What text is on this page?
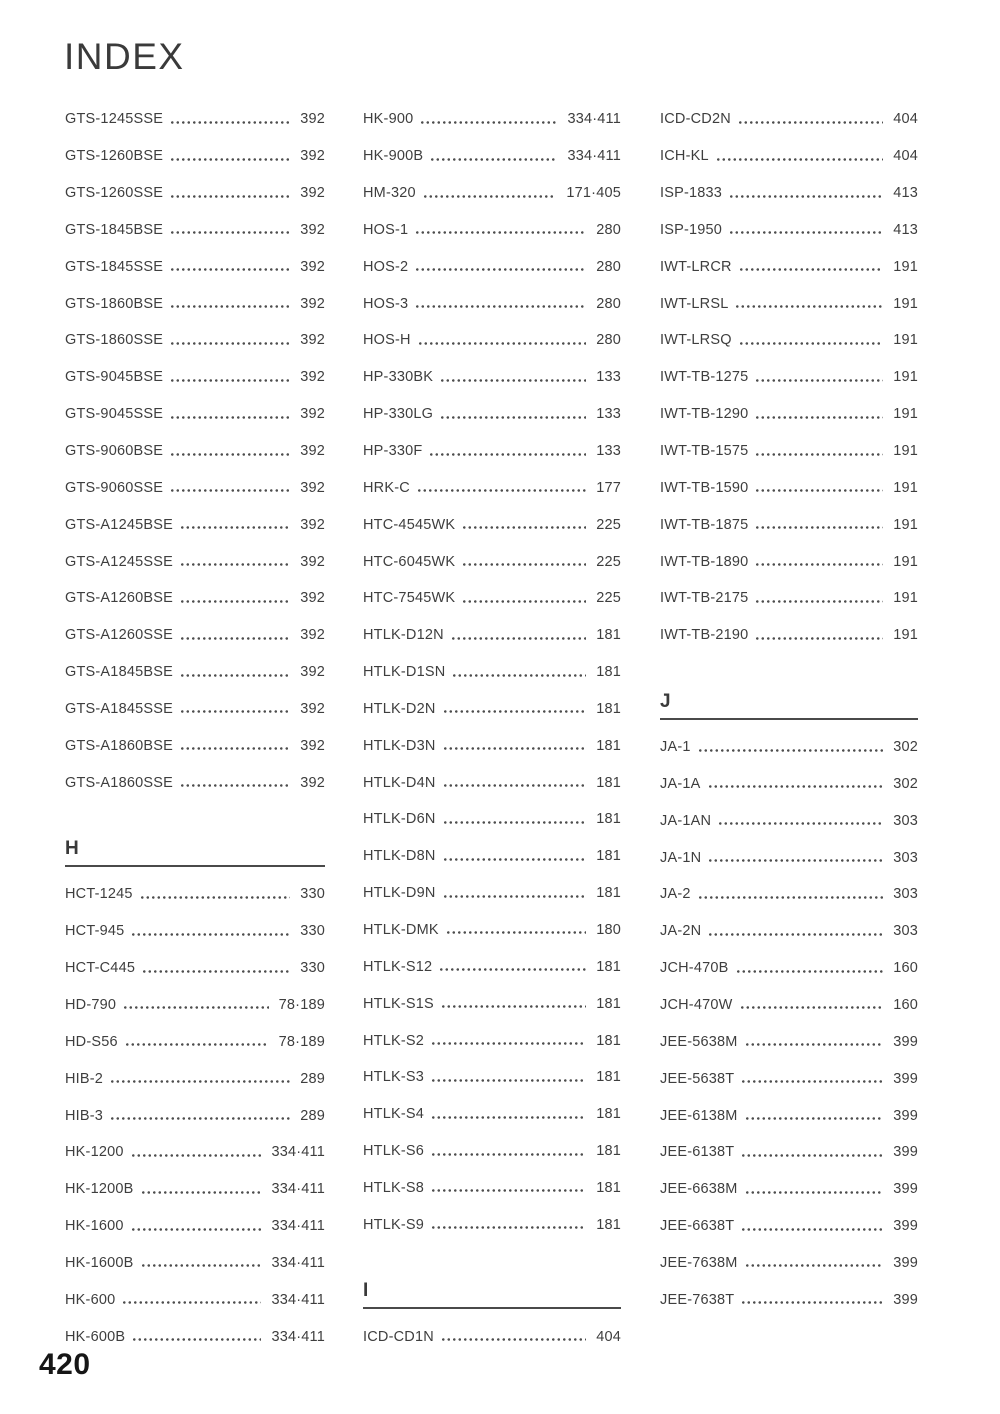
INDEX
GTS-1245SSE	392
GTS-1260BSE	392
GTS-1260SSE	392
GTS-1845BSE	392
GTS-1845SSE	392
GTS-1860BSE	392
GTS-1860SSE	392
GTS-9045BSE	392
GTS-9045SSE	392
GTS-9060BSE	392
GTS-9060SSE	392
GTS-A1245BSE	392
GTS-A1245SSE	392
GTS-A1260BSE	392
GTS-A1260SSE	392
GTS-A1845BSE	392
GTS-A1845SSE	392
GTS-A1860BSE	392
GTS-A1860SSE	392
H
HCT-1245	330
HCT-945	330
HCT-C445	330
HD-790	78·189
HD-S56	78·189
HIB-2	289
HIB-3	289
HK-1200	334·411
HK-1200B	334·411
HK-1600	334·411
HK-1600B	334·411
HK-600	334·411
HK-600B	334·411
HK-900	334·411
HK-900B	334·411
HM-320	171·405
HOS-1	280
HOS-2	280
HOS-3	280
HOS-H	280
HP-330BK	133
HP-330LG	133
HP-330F	133
HRK-C	177
HTC-4545WK	225
HTC-6045WK	225
HTC-7545WK	225
HTLK-D12N	181
HTLK-D1SN	181
HTLK-D2N	181
HTLK-D3N	181
HTLK-D4N	181
HTLK-D6N	181
HTLK-D8N	181
HTLK-D9N	181
HTLK-DMK	180
HTLK-S12	181
HTLK-S1S	181
HTLK-S2	181
HTLK-S3	181
HTLK-S4	181
HTLK-S6	181
HTLK-S8	181
HTLK-S9	181
I
ICD-CD1N	404
ICD-CD2N	404
ICH-KL	404
ISP-1833	413
ISP-1950	413
IWT-LRCR	191
IWT-LRSL	191
IWT-LRSQ	191
IWT-TB-1275	191
IWT-TB-1290	191
IWT-TB-1575	191
IWT-TB-1590	191
IWT-TB-1875	191
IWT-TB-1890	191
IWT-TB-2175	191
IWT-TB-2190	191
J
JA-1	302
JA-1A	302
JA-1AN	303
JA-1N	303
JA-2	303
JA-2N	303
JCH-470B	160
JCH-470W	160
JEE-5638M	399
JEE-5638T	399
JEE-6138M	399
JEE-6138T	399
JEE-6638M	399
JEE-6638T	399
JEE-7638M	399
JEE-7638T	399
420
